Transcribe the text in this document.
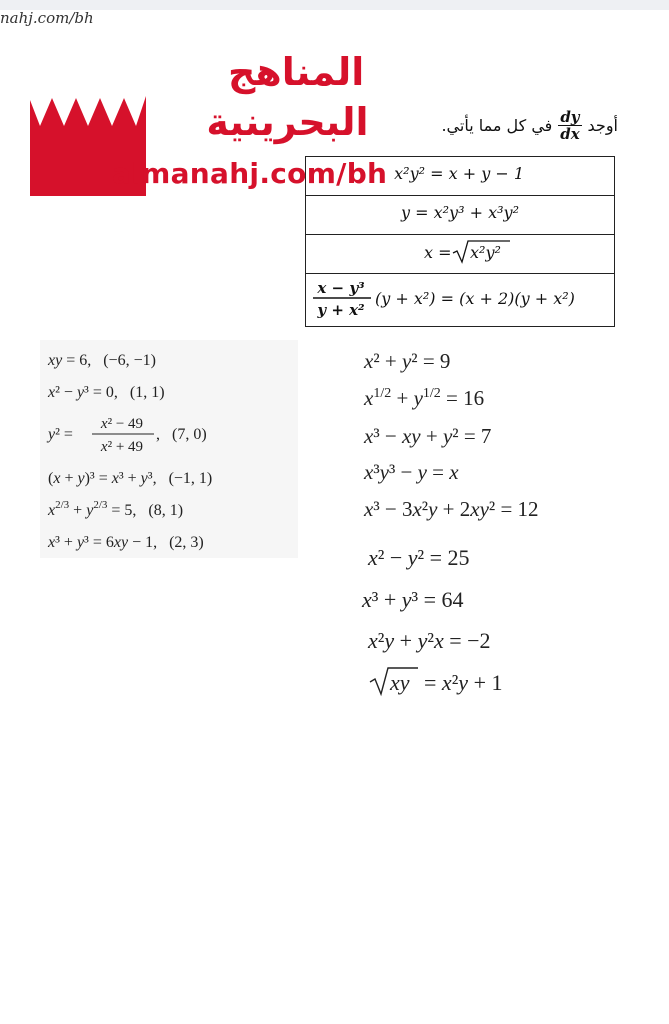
nahj.com/bh
المناهج
البحرينية
almanahj.com/bh
أوجد
$\frac{dy}{dx}$
في كل مما يأتي.
x²y² = x + y − 1

y = x²y³ + x³y²

x = x²y²

x − y³
y + x²
(y + x²) = (x + 2)(y + x²)
xy = 6,   (−6, −1)
x² − y³ = 0,   (1, 1)
y² =
x² − 49
x² + 49
,   (7, 0)
(x + y)³ = x³ + y³,   (−1, 1)
$x^{2/3} + y^{2/3} = 5$,   (8, 1)
x³ + y³ = 6xy − 1,   (2, 3)
x² + y² = 9
$x^{1/2} + y^{1/2} = 16$
x³ − xy + y² = 7
x³y³ − y = x
x³ − 3x²y + 2xy² = 12
x² − y² = 25
x³ + y³ = 64
x²y + y²x = −2
xy = x²y + 1
